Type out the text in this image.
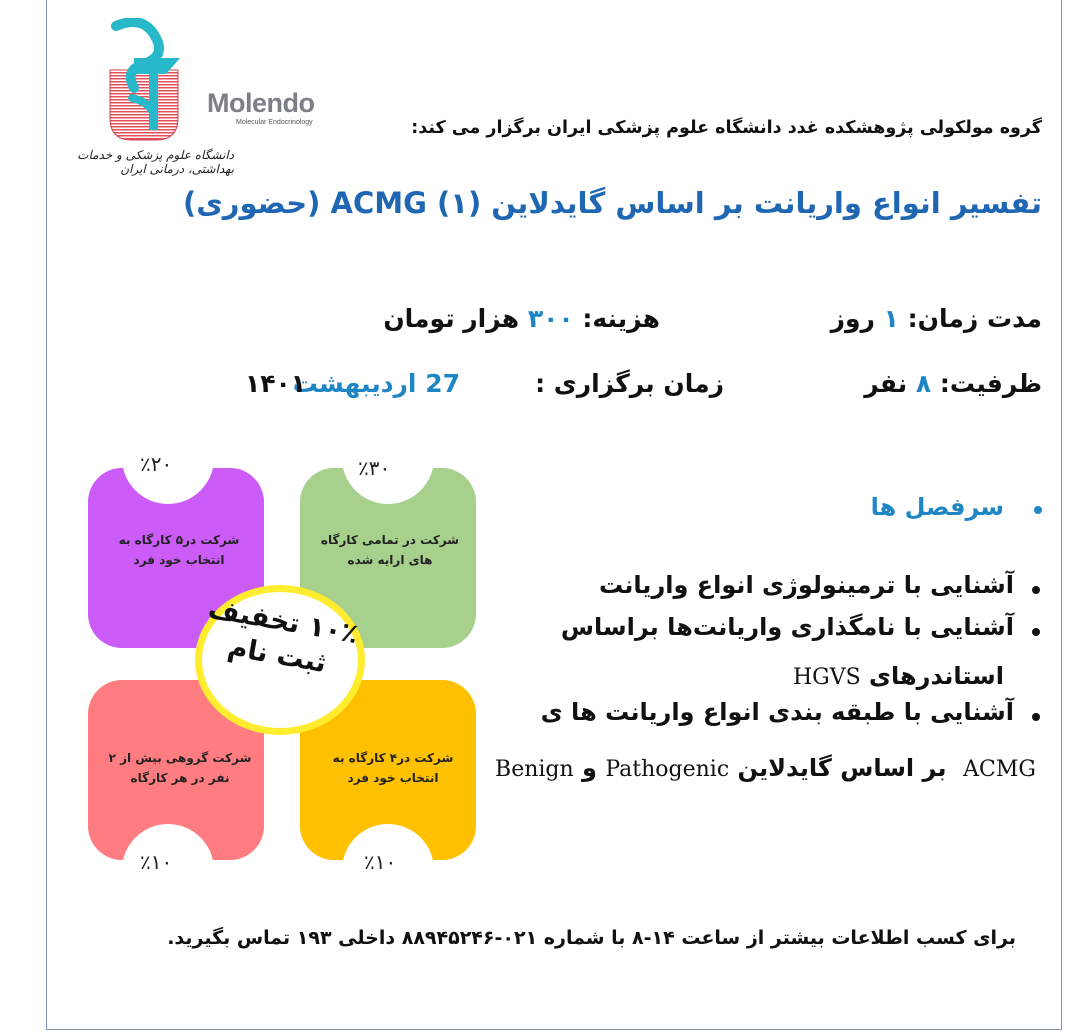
دانشگاه علوم پزشکی و خدمات بهداشتی، درمانی ایران
Molendo
Molecular Endocrinology	گروه مولکولی پژوهشکده غدد دانشگاه علوم پزشکی ایران برگزار می کند:
تفسیر انواع واریانت بر اساس گایدلاین ACMG (۱) (حضوری)
مدت زمان: ۱ روز
هزینه: ۳۰۰ هزار تومان
ظرفیت: ۸ نفر
زمان برگزاری :
27 اردیبهشت
۱۴۰۱
٪۲۰	٪۳۰
٪۱۰	٪۱۰
شرکت در۵ کارگاه به انتخاب خود فرد
شرکت در تمامی کارگاه های ارایه شده
شرکت گروهی بیش از ۲ نفر در هر کارگاه
شرکت در۴ کارگاه به انتخاب خود فرد
۱۰٪ تخفیف
ثبت نام
سرفصل ها
آشنایی با ترمینولوژی انواع واریانت
آشنایی با نامگذاری واریانت‌ها براساس
استاندرهای HGVS
آشنایی با طبقه بندی انواع واریانت ها ی
Benign و Pathogenic بر اساس گایدلاین ACMG
برای کسب اطلاعات بیشتر از ساعت ۱۴-۸ با شماره ۰۲۱-۸۸۹۴۵۲۴۶ داخلی ۱۹۳ تماس بگیرید.
